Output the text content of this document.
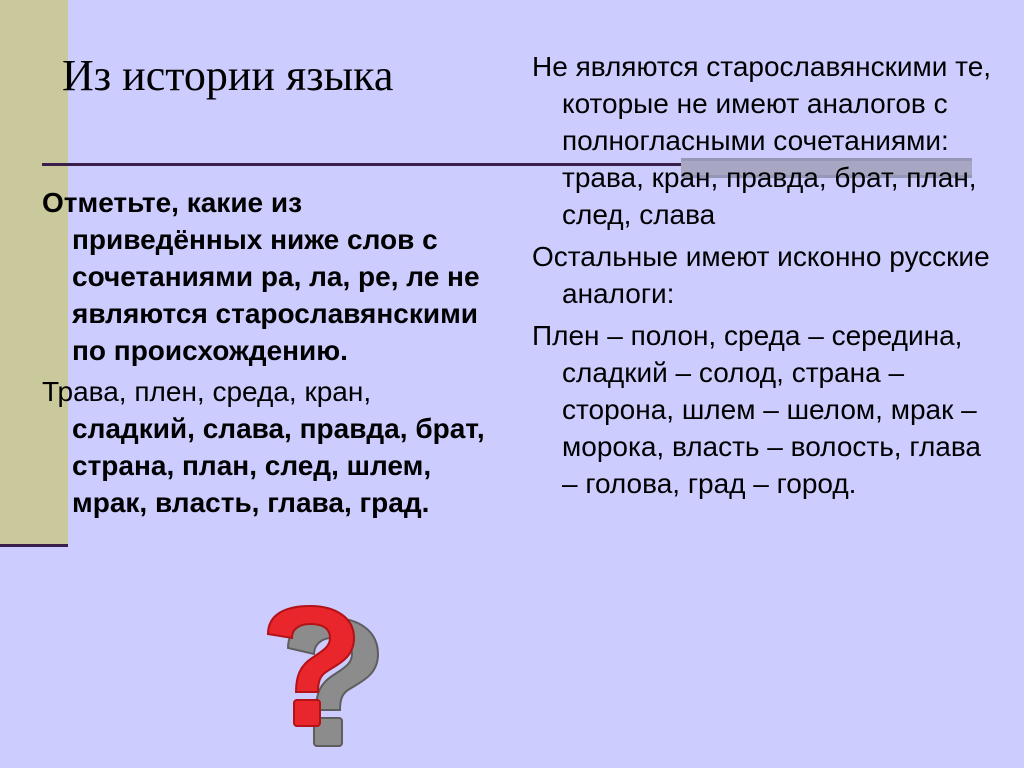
Из истории языка

Отметьте, какие из приведённых ниже слов с сочетаниями ра, ла, ре, ле не являются старославянскими по происхождению.

Трава, плен, среда, кран, сладкий, слава, правда, брат, страна, план, след, шлем, мрак, власть, глава, град.

Не являются старославянскими те, которые не имеют аналогов с полногласными сочетаниями: трава, кран, правда, брат, план, след, слава

Остальные имеют исконно русские аналоги:

Плен – полон, среда – середина, сладкий – солод, страна – сторона, шлем – шелом, мрак – морока, власть – волость, глава – голова, град – город.
